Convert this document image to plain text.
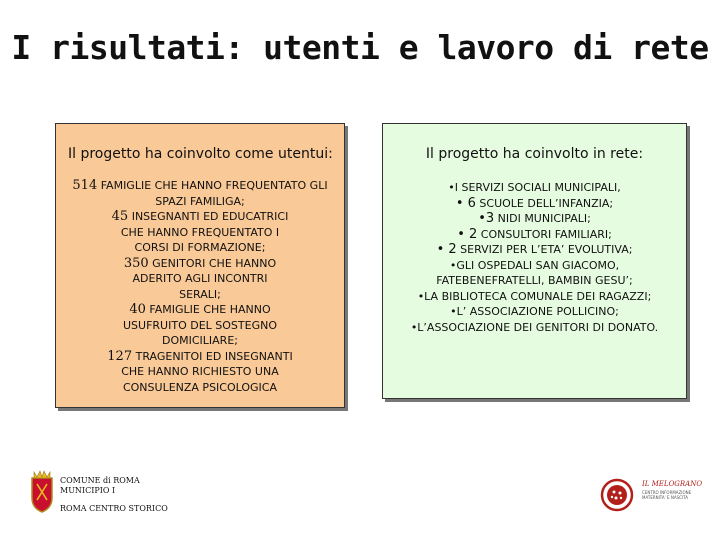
I risultati: utenti e lavoro di rete
Il progetto ha coinvolto come utentui:
514 FAMIGLIE CHE HANNO FREQUENTATO GLI SPAZI FAMILIGA;
45 INSEGNANTI ED EDUCATRICI CHE HANNO FREQUENTATO I CORSI DI FORMAZIONE;
350 GENITORI CHE HANNO ADERITO AGLI INCONTRI SERALI;
40 FAMIGLIE CHE HANNO USUFRUITO DEL SOSTEGNO DOMICILIARE;
127 TRAGENITOI ED INSEGNANTI CHE HANNO RICHIESTO UNA CONSULENZA PSICOLOGICA
Il progetto ha coinvolto in rete:
•I SERVIZI SOCIALI MUNICIPALI,
• 6 SCUOLE DELL’INFANZIA;
•3 NIDI MUNICIPALI;
• 2 CONSULTORI FAMILIARI;
• 2 SERVIZI PER L’ETA’ EVOLUTIVA;
•GLI OSPEDALI SAN GIACOMO, FATEBENEFRATELLI, BAMBIN GESU’;
•LA BIBLIOTECA COMUNALE DEI RAGAZZI;
•L’ ASSOCIAZIONE POLLICINO;
•L’ASSOCIAZIONE DEI GENITORI DI DONATO.
COMUNE di ROMA
MUNICIPIO I
ROMA CENTRO STORICO
IL MELOGRANO
CENTRO INFORMAZIONE MATERNITA' E NASCITA
